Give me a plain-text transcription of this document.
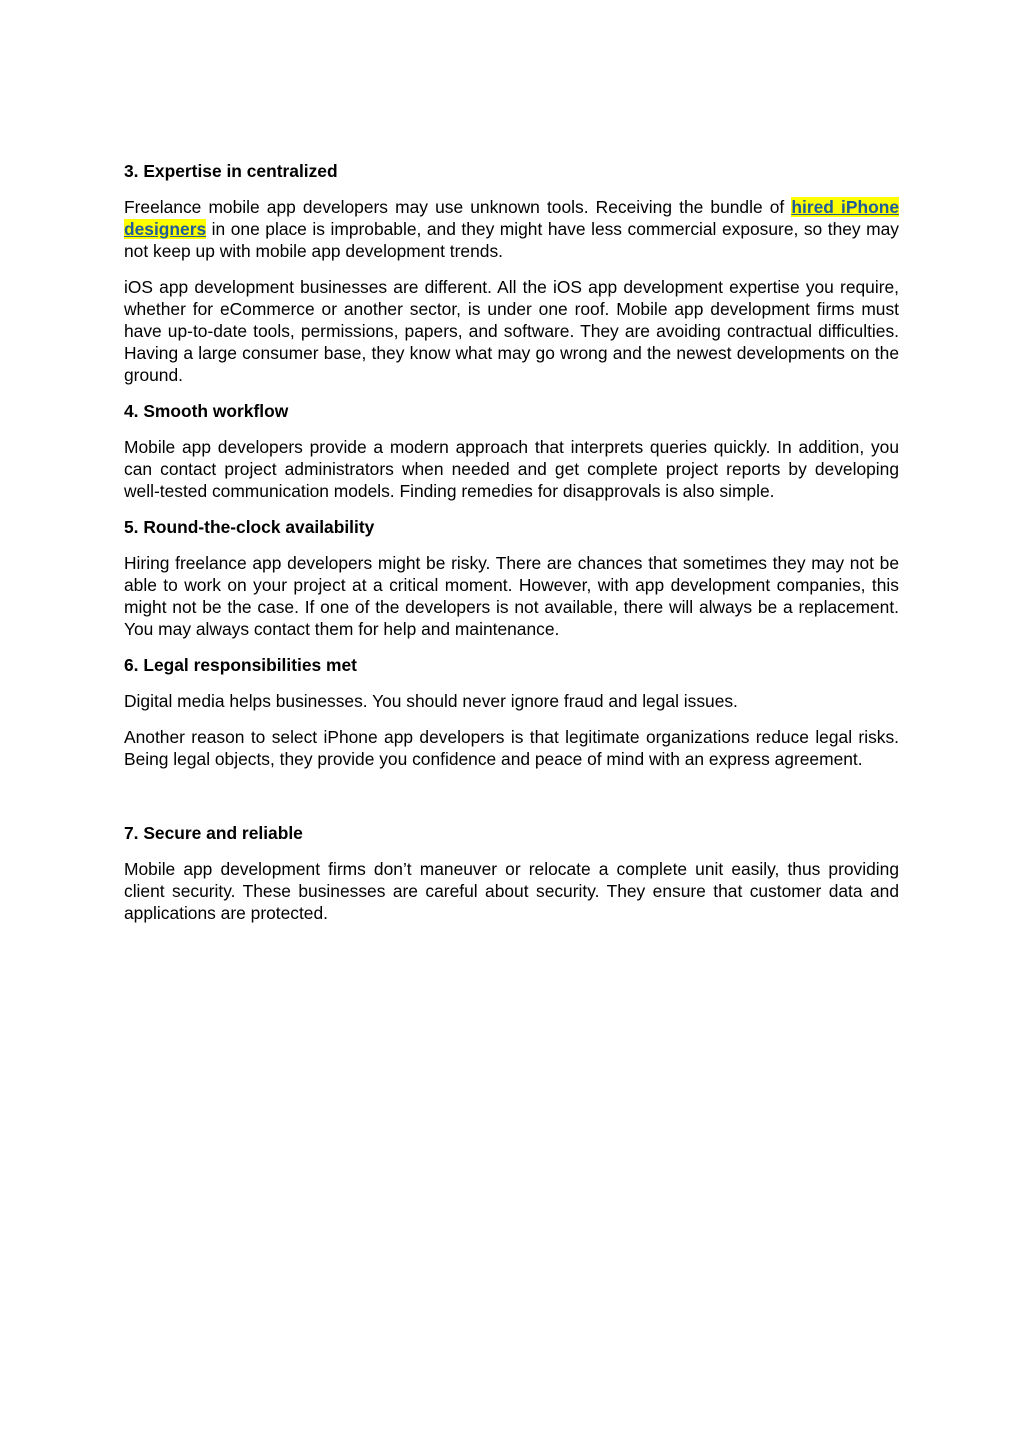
3. Expertise in centralized

Freelance mobile app developers may use unknown tools. Receiving the bundle of hired iPhone designers in one place is improbable, and they might have less commercial exposure, so they may not keep up with mobile app development trends.

iOS app development businesses are different. All the iOS app development expertise you require, whether for eCommerce or another sector, is under one roof. Mobile app development firms must have up-to-date tools, permissions, papers, and software. They are avoiding contractual difficulties. Having a large consumer base, they know what may go wrong and the newest developments on the ground.

4. Smooth workflow

Mobile app developers provide a modern approach that interprets queries quickly. In addition, you can contact project administrators when needed and get complete project reports by developing well-tested communication models. Finding remedies for disapprovals is also simple.

5. Round-the-clock availability

Hiring freelance app developers might be risky. There are chances that sometimes they may not be able to work on your project at a critical moment. However, with app development companies, this might not be the case. If one of the developers is not available, there will always be a replacement. You may always contact them for help and maintenance.

6. Legal responsibilities met

Digital media helps businesses. You should never ignore fraud and legal issues.

Another reason to select iPhone app developers is that legitimate organizations reduce legal risks. Being legal objects, they provide you confidence and peace of mind with an express agreement.

7. Secure and reliable

Mobile app development firms don’t maneuver or relocate a complete unit easily, thus providing client security. These businesses are careful about security. They ensure that customer data and applications are protected.
